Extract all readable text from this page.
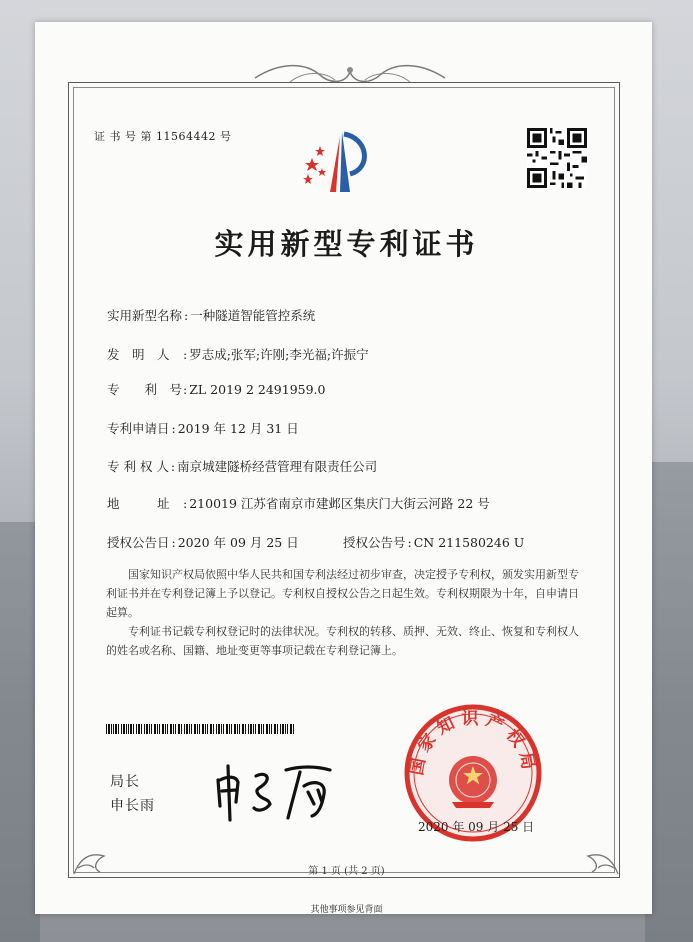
证 书 号 第 11564442 号
实用新型专利证书
实用新型名称 : 一种隧道智能管控系统
发　明　人 : 罗志成;张军;许刚;李光福;许振宁
专　　利　号: ZL 2019 2 2491959.0
专利申请日 : 2019 年 12 月 31 日
专 利 权 人 : 南京城建隧桥经营管理有限责任公司
地　　　址 : 210019 江苏省南京市建邺区集庆门大街云河路 22 号
授权公告日 : 2020 年 09 月 25 日	授权公告号 : CN 211580246 U
国家知识产权局依照中华人民共和国专利法经过初步审查，决定授予专利权，颁发实用新型专利证书并在专利登记簿上予以登记。专利权自授权公告之日起生效。专利权期限为十年，自申请日起算。
专利证书记载专利权登记时的法律状况。专利权的转移、质押、无效、终止、恢复和专利权人的姓名或名称、国籍、地址变更等事项记载在专利登记簿上。
局长
申长雨
国家知识产权局
2020 年 09 月 25 日
第 1 页 (共 2 页)
其他事项参见背面
